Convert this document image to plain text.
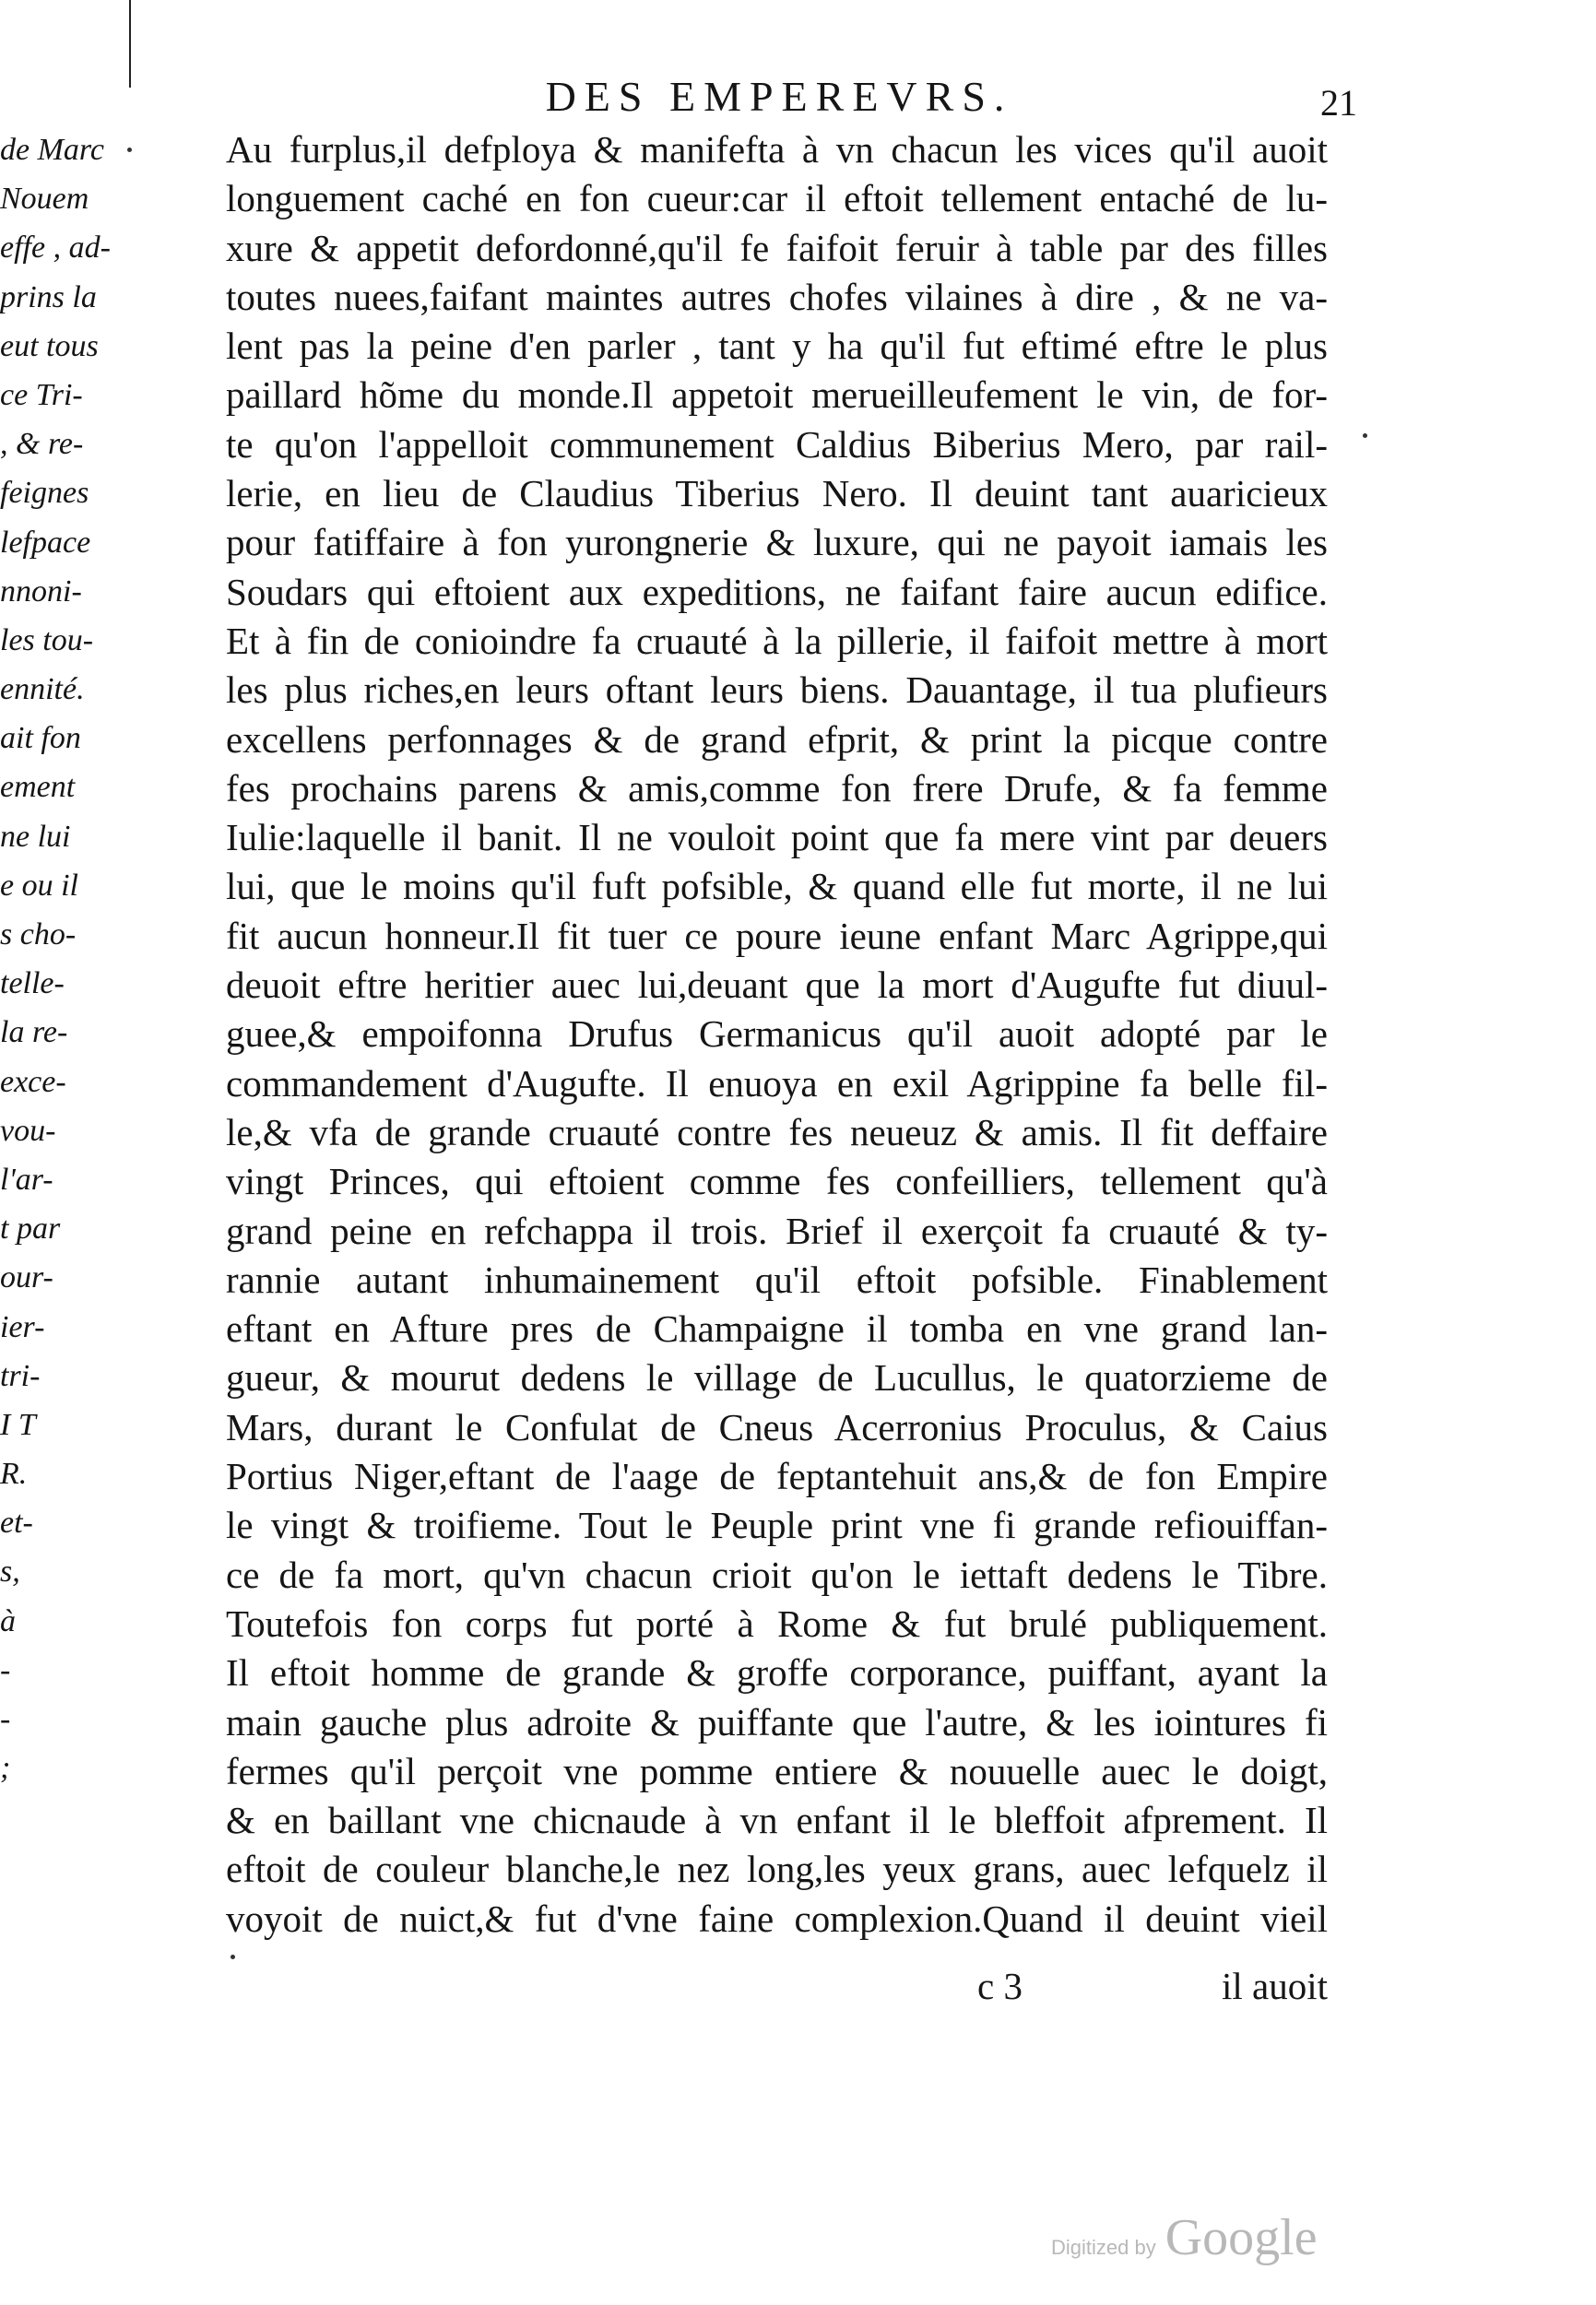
de Marc
Nouem
effe , ad-
prins la
eut tous
ce Tri-
, & re-
feignes
lefpace
nnoni-
les tou-
ennité.
ait fon
ement
ne lui
e ou il
s cho-
telle-
la re-
exce-
vou-
l'ar-
t par
our-
ier-
tri-
I T
R.
et-
s,
à
-
-
;
DES EMPEREVRS.	21
Au furplus,il defploya & manifefta à vn chacun les vices qu'il auoit
longuement caché en fon cueur:car il eftoit tellement entaché de lu-
xure & appetit defordonné,qu'il fe faifoit feruir à table par des filles
toutes nuees,faifant maintes autres chofes vilaines à dire , & ne va-
lent pas la peine d'en parler , tant y ha qu'il fut eftimé eftre le plus
paillard hõme du monde.Il appetoit merueilleufement le vin, de for-
te qu'on l'appelloit communement Caldius Biberius Mero, par rail-
lerie, en lieu de Claudius Tiberius Nero. Il deuint tant auaricieux
pour fatiffaire à fon yurongnerie & luxure, qui ne payoit iamais les
Soudars qui eftoient aux expeditions, ne faifant faire aucun edifice.
Et à fin de conioindre fa cruauté à la pillerie, il faifoit mettre à mort
les plus riches,en leurs oftant leurs biens. Dauantage, il tua plufieurs
excellens perfonnages & de grand efprit, & print la picque contre
fes prochains parens & amis,comme fon frere Drufe, & fa femme
Iulie:laquelle il banit. Il ne vouloit point que fa mere vint par deuers
lui, que le moins qu'il fuft pofsible, & quand elle fut morte, il ne lui
fit aucun honneur.Il fit tuer ce poure ieune enfant Marc Agrippe,qui
deuoit eftre heritier auec lui,deuant que la mort d'Augufte fut diuul-
guee,& empoifonna Drufus Germanicus qu'il auoit adopté par le
commandement d'Augufte. Il enuoya en exil Agrippine fa belle fil-
le,& vfa de grande cruauté contre fes neueuz & amis. Il fit deffaire
vingt Princes, qui eftoient comme fes confeilliers, tellement qu'à
grand peine en refchappa il trois. Brief il exerçoit fa cruauté & ty-
rannie autant inhumainement qu'il eftoit pofsible. Finablement
eftant en Afture pres de Champaigne il tomba en vne grand lan-
gueur, & mourut dedens le village de Lucullus, le quatorzieme de
Mars, durant le Confulat de Cneus Acerronius Proculus, & Caius
Portius Niger,eftant de l'aage de feptantehuit ans,& de fon Empire
le vingt & troifieme. Tout le Peuple print vne fi grande refiouiffan-
ce de fa mort, qu'vn chacun crioit qu'on le iettaft dedens le Tibre.
Toutefois fon corps fut porté à Rome & fut brulé publiquement.
Il eftoit homme de grande & groffe corporance, puiffant, ayant la
main gauche plus adroite & puiffante que l'autre, & les iointures fi
fermes qu'il perçoit vne pomme entiere & nouuelle auec le doigt,
& en baillant vne chicnaude à vn enfant il le bleffoit afprement. Il
eftoit de couleur blanche,le nez long,les yeux grans, auec lefquelz il
voyoit de nuict,& fut d'vne faine complexion.Quand il deuint vieil
c 3	il auoit
Digitized by Google
